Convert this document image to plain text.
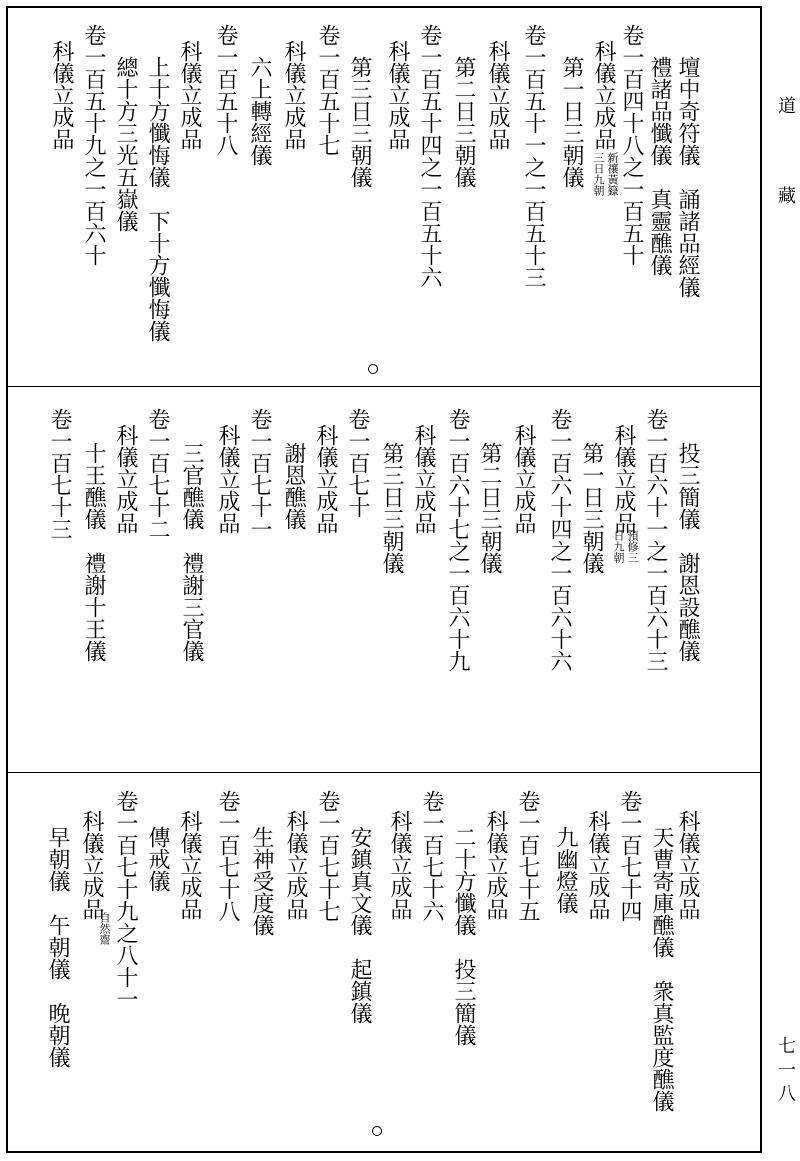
道
藏
七一八
壇中奇符儀　誦諸品經儀
禮諸品懺儀　真靈醮儀
卷一百四十八之一百五十
科儀立成品
新禳黃籙
三日九朝
第一日三朝儀
卷一百五十一之一百五十三
科儀立成品
第二日三朝儀
卷一百五十四之一百五十六
科儀立成品
第三日三朝儀
卷一百五十七
科儀立成品
六上轉經儀
卷一百五十八
科儀立成品
上十方懺悔儀　下十方懺悔儀
總十方三光五嶽儀
卷一百五十九之一百六十
科儀立成品
投三簡儀　謝恩設醮儀
卷一百六十一之一百六十三
科儀立成品
預修三
日九朝
第一日三朝儀
卷一百六十四之一百六十六
科儀立成品
第二日三朝儀
卷一百六十七之一百六十九
科儀立成品
第三日三朝儀
卷一百七十
科儀立成品
謝恩醮儀
卷一百七十一
科儀立成品
三官醮儀　禮謝三官儀
卷一百七十二
科儀立成品
十王醮儀　禮謝十王儀
卷一百七十三
科儀立成品
天曹寄庫醮儀　衆真監度醮儀
卷一百七十四
科儀立成品
九幽燈儀
卷一百七十五
科儀立成品
二十方懺儀　投三簡儀
卷一百七十六
科儀立成品
安鎮真文儀　起鎮儀
卷一百七十七
科儀立成品
生神受度儀
卷一百七十八
科儀立成品
傳戒儀
卷一百七十九之八十一
自然齋
科儀立成品
早朝儀　午朝儀　晚朝儀
